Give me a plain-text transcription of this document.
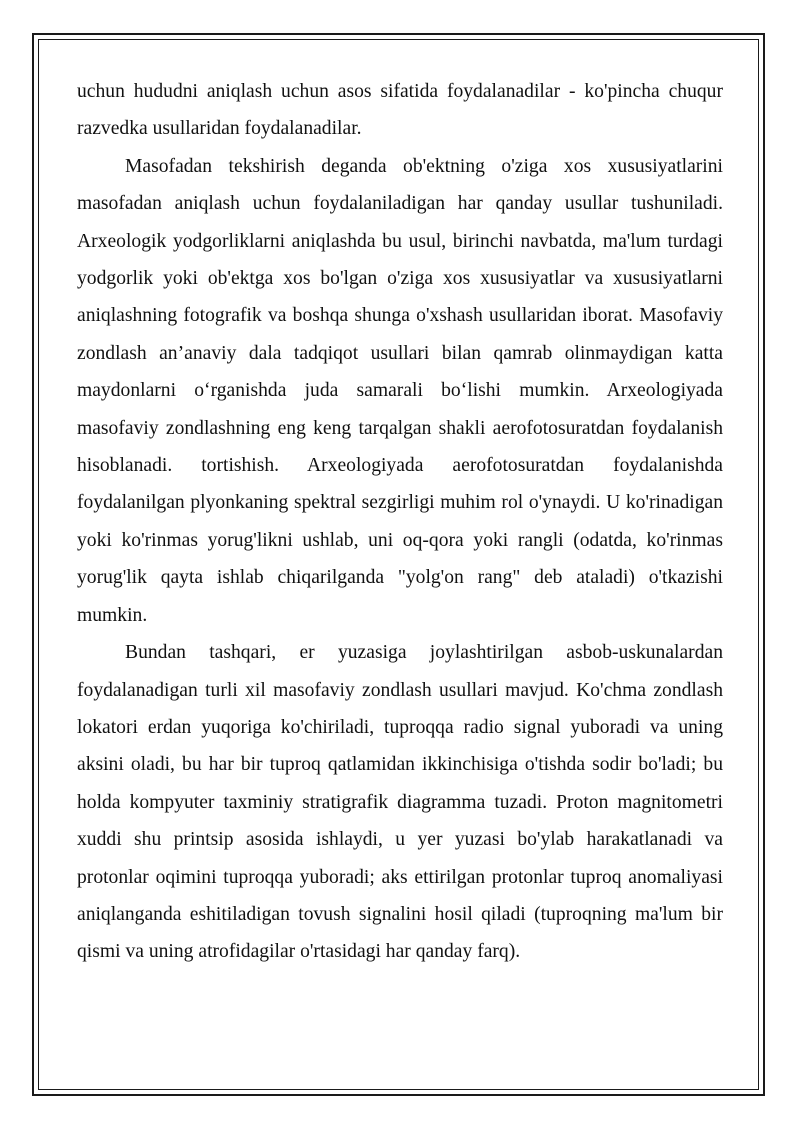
uchun hududni aniqlash uchun asos sifatida foydalanadilar - ko'pincha chuqur razvedka usullaridan foydalanadilar.

Masofadan tekshirish deganda ob'ektning o'ziga xos xususiyatlarini masofadan aniqlash uchun foydalaniladigan har qanday usullar tushuniladi. Arxeologik yodgorliklarni aniqlashda bu usul, birinchi navbatda, ma'lum turdagi yodgorlik yoki ob'ektga xos bo'lgan o'ziga xos xususiyatlar va xususiyatlarni aniqlashning fotografik va boshqa shunga o'xshash usullaridan iborat. Masofaviy zondlash an’anaviy dala tadqiqot usullari bilan qamrab olinmaydigan katta maydonlarni o‘rganishda juda samarali bo‘lishi mumkin. Arxeologiyada masofaviy zondlashning eng keng tarqalgan shakli aerofotosuratdan foydalanish hisoblanadi. tortishish. Arxeologiyada aerofotosuratdan foydalanishda foydalanilgan plyonkaning spektral sezgirligi muhim rol o'ynaydi. U ko'rinadigan yoki ko'rinmas yorug'likni ushlab, uni oq-qora yoki rangli (odatda, ko'rinmas yorug'lik qayta ishlab chiqarilganda "yolg'on rang" deb ataladi) o'tkazishi mumkin.

Bundan tashqari, er yuzasiga joylashtirilgan asbob-uskunalardan foydalanadigan turli xil masofaviy zondlash usullari mavjud. Ko'chma zondlash lokatori erdan yuqoriga ko'chiriladi, tuproqqa radio signal yuboradi va uning aksini oladi, bu har bir tuproq qatlamidan ikkinchisiga o'tishda sodir bo'ladi; bu holda kompyuter taxminiy stratigrafik diagramma tuzadi. Proton magnitometri xuddi shu printsip asosida ishlaydi, u yer yuzasi bo'ylab harakatlanadi va protonlar oqimini tuproqqa yuboradi; aks ettirilgan protonlar tuproq anomaliyasi aniqlanganda eshitiladigan tovush signalini hosil qiladi (tuproqning ma'lum bir qismi va uning atrofidagilar o'rtasidagi har qanday farq).
